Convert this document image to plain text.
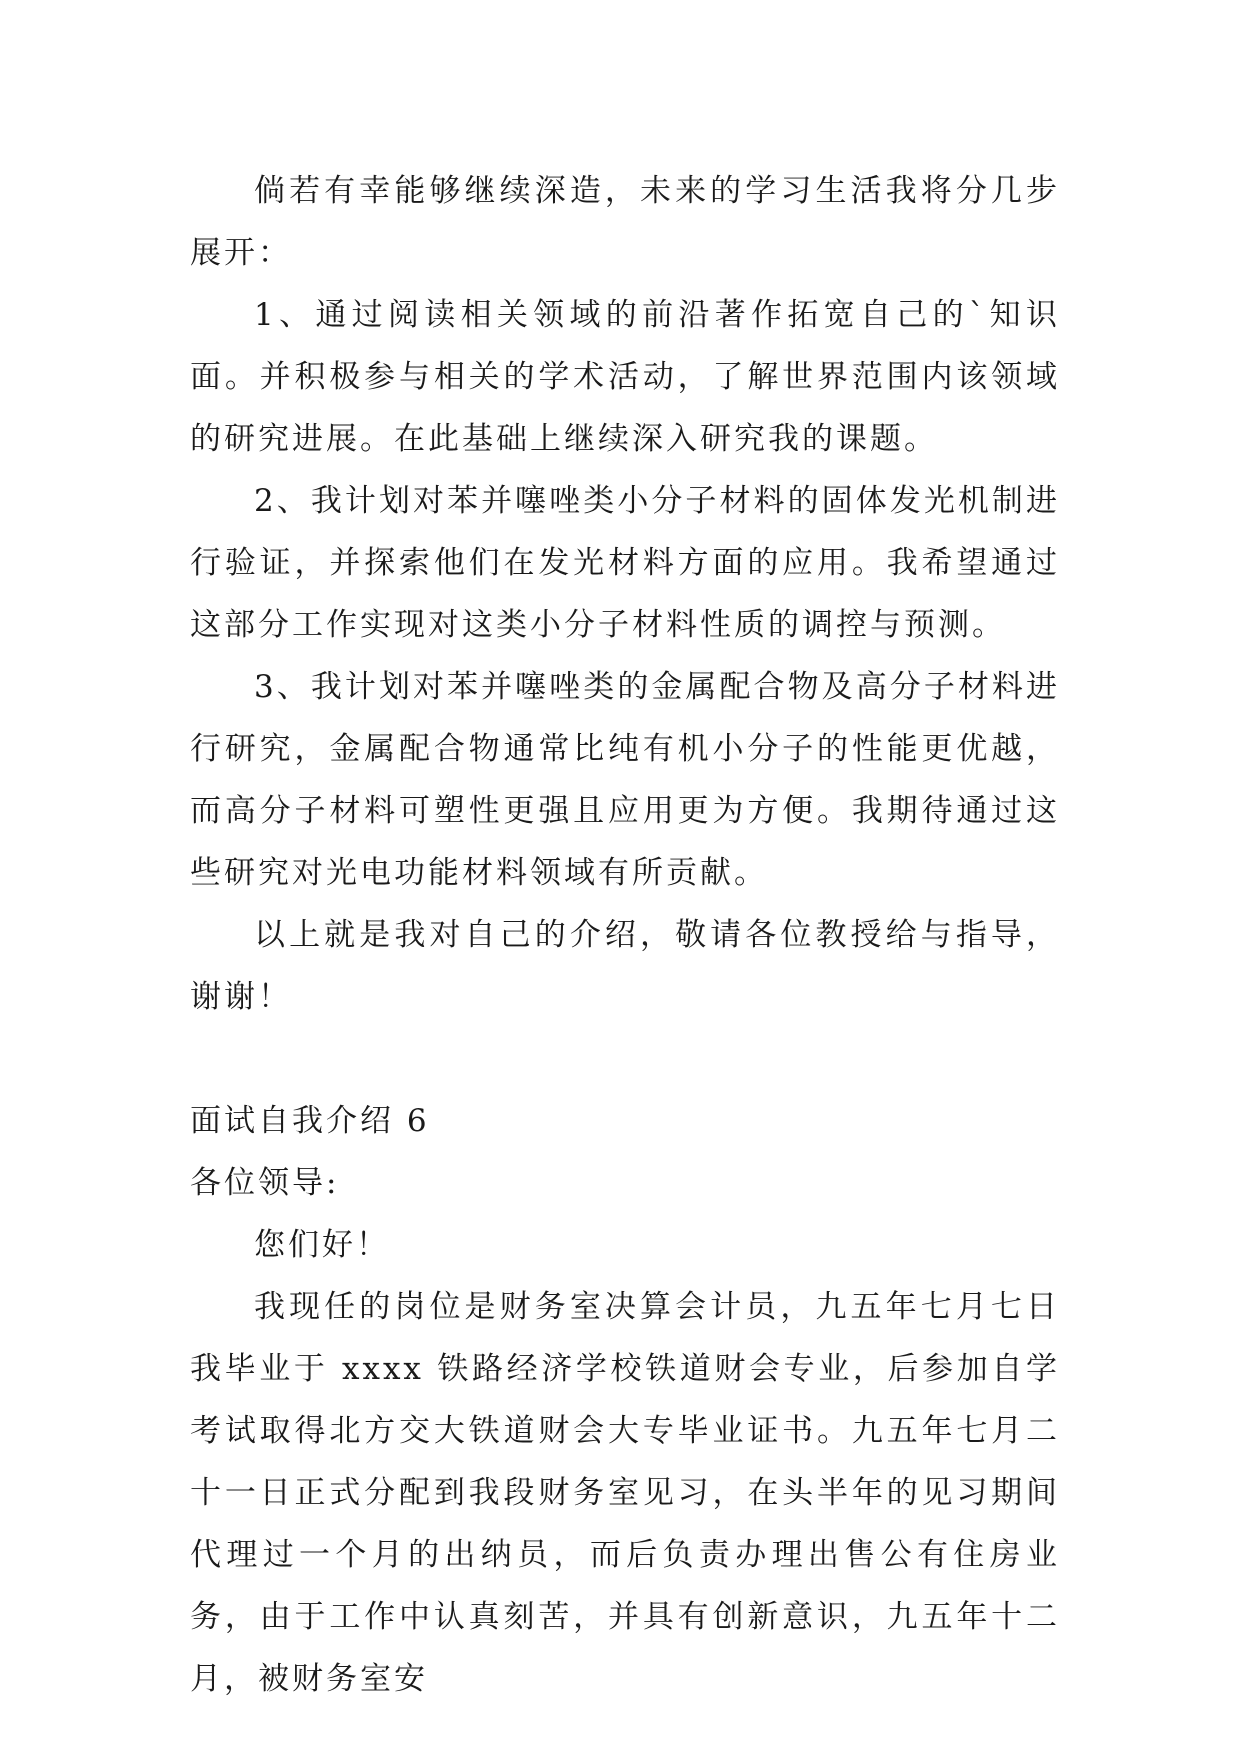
倘若有幸能够继续深造，未来的学习生活我将分几步展开：

1、通过阅读相关领域的前沿著作拓宽自己的`知识面。并积极参与相关的学术活动，了解世界范围内该领域的研究进展。在此基础上继续深入研究我的课题。

2、我计划对苯并噻唑类小分子材料的固体发光机制进行验证，并探索他们在发光材料方面的应用。我希望通过这部分工作实现对这类小分子材料性质的调控与预测。

3、我计划对苯并噻唑类的金属配合物及高分子材料进行研究，金属配合物通常比纯有机小分子的性能更优越，而高分子材料可塑性更强且应用更为方便。我期待通过这些研究对光电功能材料领域有所贡献。

以上就是我对自己的介绍，敬请各位教授给与指导，谢谢！

面试自我介绍 6

各位领导:

您们好！

我现任的岗位是财务室决算会计员，九五年七月七日我毕业于 xxxx 铁路经济学校铁道财会专业，后参加自学考试取得北方交大铁道财会大专毕业证书。九五年七月二十一日正式分配到我段财务室见习，在头半年的见习期间代理过一个月的出纳员，而后负责办理出售公有住房业务，由于工作中认真刻苦，并具有创新意识，九五年十二月，被财务室安
